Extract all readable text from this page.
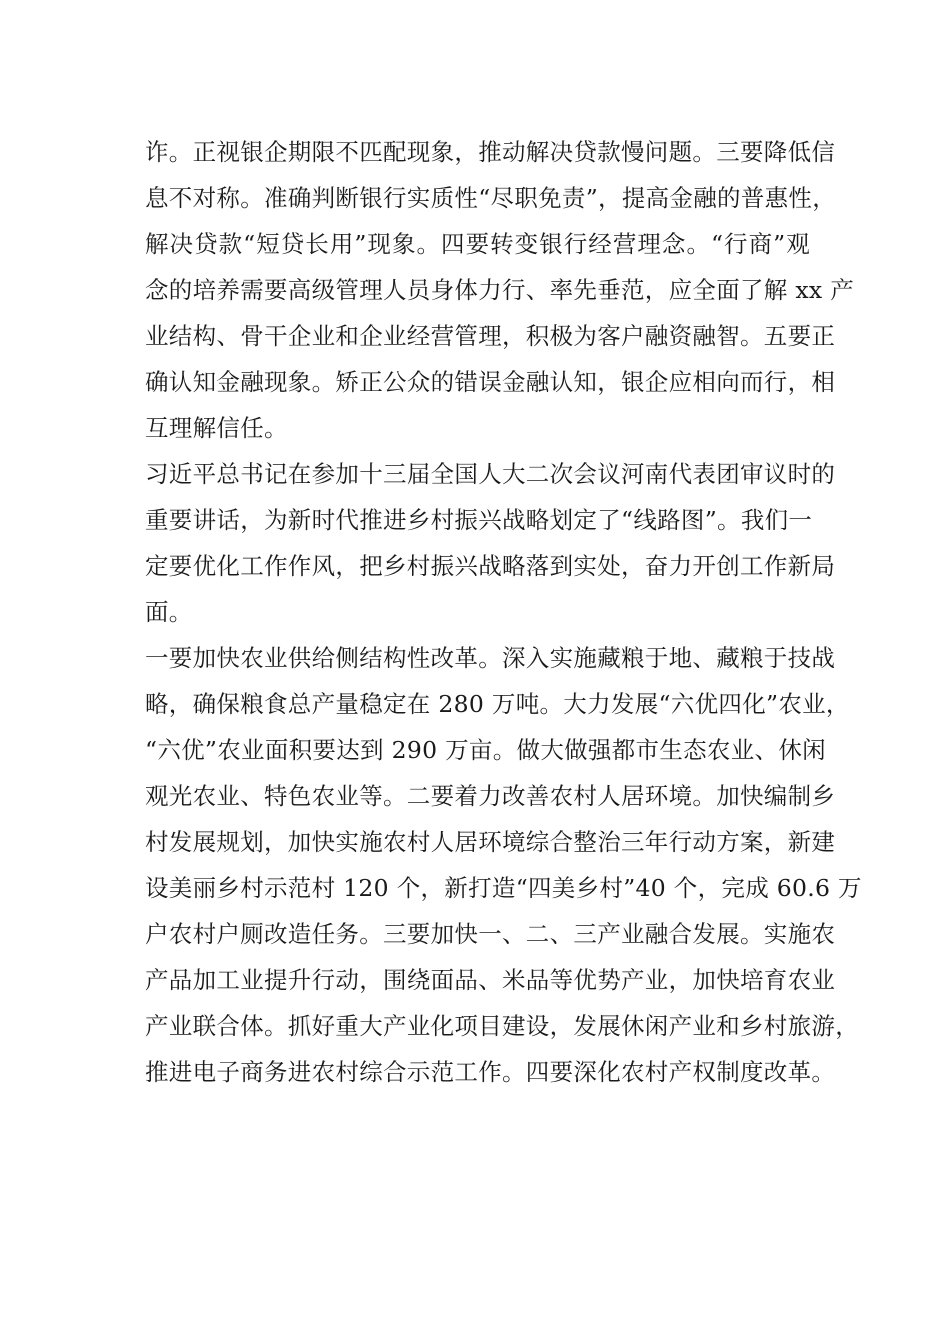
诈。正视银企期限不匹配现象，推动解决贷款慢问题。三要降低信
息不对称。准确判断银行实质性“尽职免责”，提高金融的普惠性，
解决贷款“短贷长用”现象。四要转变银行经营理念。“行商”观
念的培养需要高级管理人员身体力行、率先垂范，应全面了解 xx 产
业结构、骨干企业和企业经营管理，积极为客户融资融智。五要正
确认知金融现象。矫正公众的错误金融认知，银企应相向而行，相
互理解信任。
习近平总书记在参加十三届全国人大二次会议河南代表团审议时的
重要讲话，为新时代推进乡村振兴战略划定了“线路图”。我们一
定要优化工作作风，把乡村振兴战略落到实处，奋力开创工作新局
面。
一要加快农业供给侧结构性改革。深入实施藏粮于地、藏粮于技战
略，确保粮食总产量稳定在 280 万吨。大力发展“六优四化”农业，
“六优”农业面积要达到 290 万亩。做大做强都市生态农业、休闲
观光农业、特色农业等。二要着力改善农村人居环境。加快编制乡
村发展规划，加快实施农村人居环境综合整治三年行动方案，新建
设美丽乡村示范村 120 个，新打造“四美乡村”40 个，完成 60.6 万
户农村户厕改造任务。三要加快一、二、三产业融合发展。实施农
产品加工业提升行动，围绕面品、米品等优势产业，加快培育农业
产业联合体。抓好重大产业化项目建设，发展休闲产业和乡村旅游，
推进电子商务进农村综合示范工作。四要深化农村产权制度改革。
